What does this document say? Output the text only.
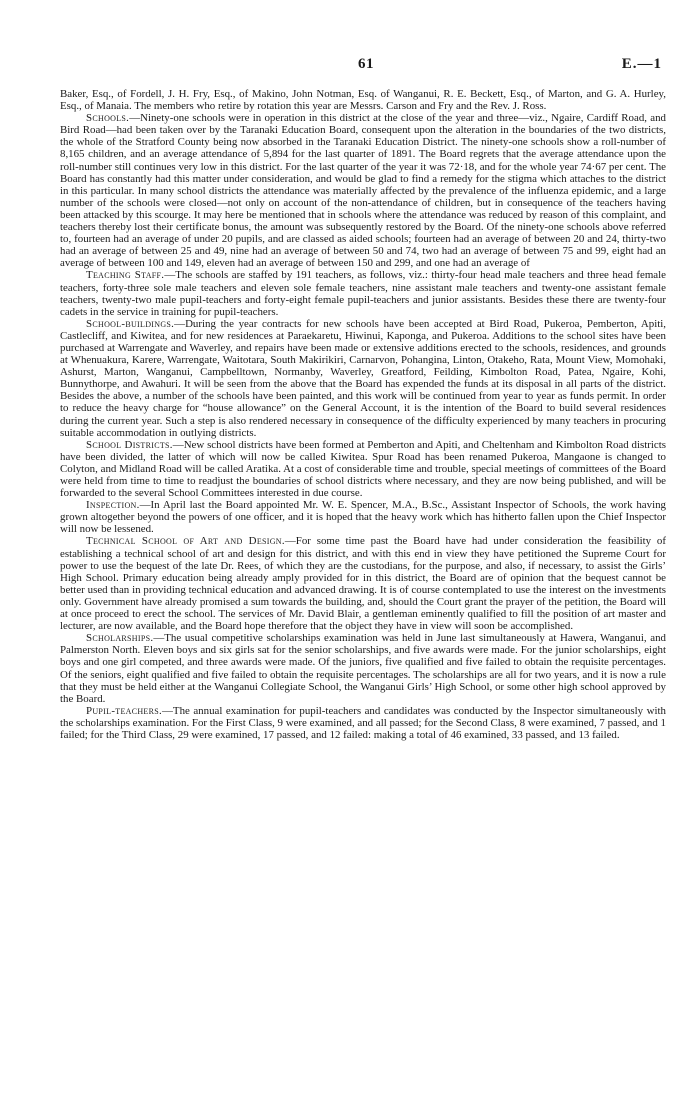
61	E.—1

Baker, Esq., of Fordell, J. H. Fry, Esq., of Makino, John Notman, Esq. of Wanganui, R. E. Beckett, Esq., of Marton, and G. A. Hurley, Esq., of Manaia. The members who retire by rotation this year are Messrs. Carson and Fry and the Rev. J. Ross.

Schools.—Ninety-one schools were in operation in this district at the close of the year and three—viz., Ngaire, Cardiff Road, and Bird Road—had been taken over by the Taranaki Education Board, consequent upon the alteration in the boundaries of the two districts, the whole of the Stratford County being now absorbed in the Taranaki Education District. The ninety-one schools show a roll-number of 8,165 children, and an average attendance of 5,894 for the last quarter of 1891. The Board regrets that the average attendance upon the roll-number still continues very low in this district. For the last quarter of the year it was 72·18, and for the whole year 74·67 per cent. The Board has constantly had this matter under consideration, and would be glad to find a remedy for the stigma which attaches to the district in this particular. In many school districts the attendance was materially affected by the prevalence of the influenza epidemic, and a large number of the schools were closed—not only on account of the non-attendance of children, but in consequence of the teachers having been attacked by this scourge. It may here be mentioned that in schools where the attendance was reduced by reason of this complaint, and teachers thereby lost their certificate bonus, the amount was subsequently restored by the Board. Of the ninety-one schools above referred to, fourteen had an average of under 20 pupils, and are classed as aided schools; fourteen had an average of between 20 and 24, thirty-two had an average of between 25 and 49, nine had an average of between 50 and 74, two had an average of between 75 and 99, eight had an average of between 100 and 149, eleven had an average of between 150 and 299, and one had an average of

Teaching Staff.—The schools are staffed by 191 teachers, as follows, viz.: thirty-four head male teachers and three head female teachers, forty-three sole male teachers and eleven sole female teachers, nine assistant male teachers and twenty-one assistant female teachers, twenty-two male pupil-teachers and forty-eight female pupil-teachers and junior assistants. Besides these there are twenty-four cadets in the service in training for pupil-teachers.

School-buildings.—During the year contracts for new schools have been accepted at Bird Road, Pukeroa, Pemberton, Apiti, Castlecliff, and Kiwitea, and for new residences at Paraekaretu, Hiwinui, Kaponga, and Pukeroa. Additions to the school sites have been purchased at Warrengate and Waverley, and repairs have been made or extensive additions erected to the schools, residences, and grounds at Whenuakura, Karere, Warrengate, Waitotara, South Makirikiri, Carnarvon, Pohangina, Linton, Otakeho, Rata, Mount View, Momohaki, Ashurst, Marton, Wanganui, Campbelltown, Normanby, Waverley, Greatford, Feilding, Kimbolton Road, Patea, Ngaire, Kohi, Bunnythorpe, and Awahuri. It will be seen from the above that the Board has expended the funds at its disposal in all parts of the district. Besides the above, a number of the schools have been painted, and this work will be continued from year to year as funds permit. In order to reduce the heavy charge for “house allowance” on the General Account, it is the intention of the Board to build several residences during the current year. Such a step is also rendered necessary in consequence of the difficulty experienced by many teachers in procuring suitable accommodation in outlying districts.

School Districts.—New school districts have been formed at Pemberton and Apiti, and Cheltenham and Kimbolton Road districts have been divided, the latter of which will now be called Kiwitea. Spur Road has been renamed Pukeroa, Mangaone is changed to Colyton, and Midland Road will be called Aratika. At a cost of considerable time and trouble, special meetings of committees of the Board were held from time to time to readjust the boundaries of school districts where necessary, and they are now being published, and will be forwarded to the several School Committees interested in due course.

Inspection.—In April last the Board appointed Mr. W. E. Spencer, M.A., B.Sc., Assistant Inspector of Schools, the work having grown altogether beyond the powers of one officer, and it is hoped that the heavy work which has hitherto fallen upon the Chief Inspector will now be lessened.

Technical School of Art and Design.—For some time past the Board have had under consideration the feasibility of establishing a technical school of art and design for this district, and with this end in view they have petitioned the Supreme Court for power to use the bequest of the late Dr. Rees, of which they are the custodians, for the purpose, and also, if necessary, to assist the Girls’ High School. Primary education being already amply provided for in this district, the Board are of opinion that the bequest cannot be better used than in providing technical education and advanced drawing. It is of course contemplated to use the interest on the investments only. Government have already promised a sum towards the building, and, should the Court grant the prayer of the petition, the Board will at once proceed to erect the school. The services of Mr. David Blair, a gentleman eminently qualified to fill the position of art master and lecturer, are now available, and the Board hope therefore that the object they have in view will soon be accomplished.

Scholarships.—The usual competitive scholarships examination was held in June last simultaneously at Hawera, Wanganui, and Palmerston North. Eleven boys and six girls sat for the senior scholarships, and five awards were made. For the junior scholarships, eight boys and one girl competed, and three awards were made. Of the juniors, five qualified and five failed to obtain the requisite percentages. Of the seniors, eight qualified and five failed to obtain the requisite percentages. The scholarships are all for two years, and it is now a rule that they must be held either at the Wanganui Collegiate School, the Wanganui Girls’ High School, or some other high school approved by the Board.

Pupil-teachers.—The annual examination for pupil-teachers and candidates was conducted by the Inspector simultaneously with the scholarships examination. For the First Class, 9 were examined, and all passed; for the Second Class, 8 were examined, 7 passed, and 1 failed; for the Third Class, 29 were examined, 17 passed, and 12 failed: making a total of 46 examined, 33 passed, and 13 failed.
